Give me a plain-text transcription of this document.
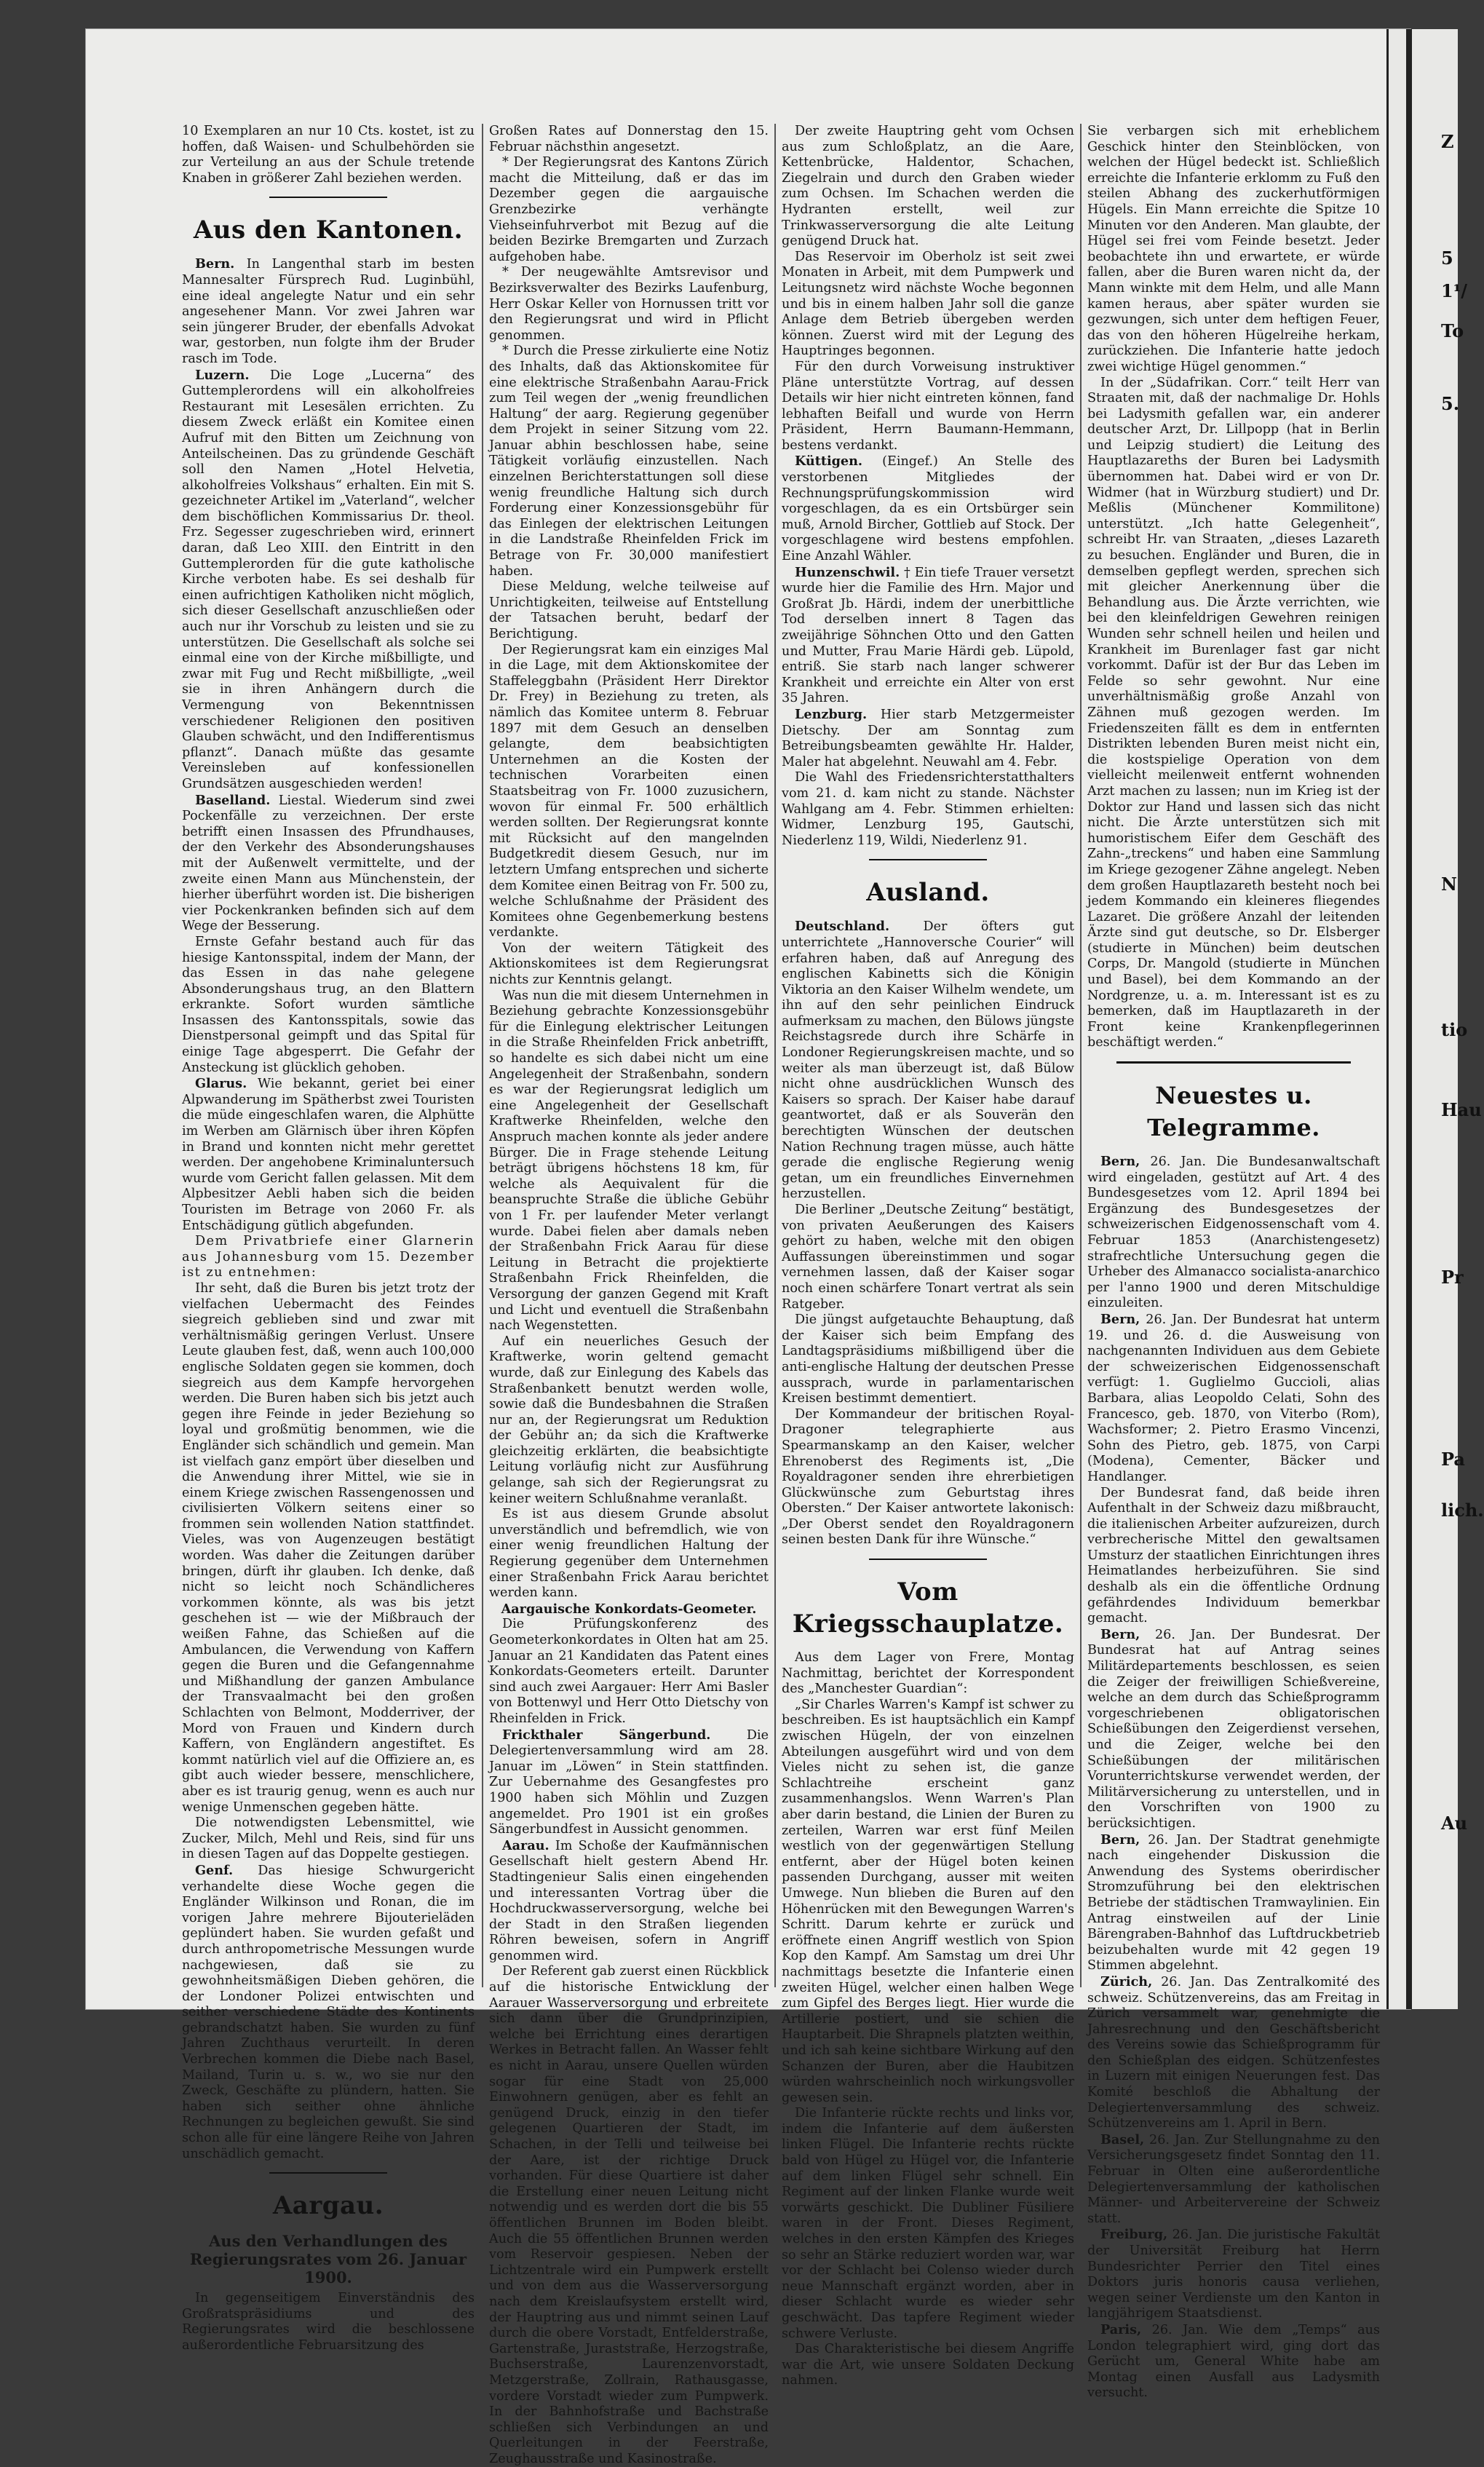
Z
5
1¹/
To
5.
N
tio
Hau
Pr
Pa
lich.
Au

10 Exemplaren an nur 10 Cts. kostet, ist zu hoffen, daß Waisen- und Schulbehörden sie zur Verteilung an aus der Schule tretende Knaben in größerer Zahl beziehen werden.

Aus den Kantonen.

Bern. In Langenthal starb im besten Mannesalter Fürsprech Rud. Luginbühl, eine ideal angelegte Natur und ein sehr angesehener Mann. Vor zwei Jahren war sein jüngerer Bruder, der ebenfalls Advokat war, gestorben, nun folgte ihm der Bruder rasch im Tode.

Luzern. Die Loge „Lucerna“ des Guttemplerordens will ein alkoholfreies Restaurant mit Lesesälen errichten. Zu diesem Zweck erläßt ein Komitee einen Aufruf mit den Bitten um Zeichnung von Anteilscheinen. Das zu gründende Geschäft soll den Namen „Hotel Helvetia, alkoholfreies Volkshaus“ erhalten. Ein mit S. gezeichneter Artikel im „Vaterland“, welcher dem bischöflichen Kommissarius Dr. theol. Frz. Segesser zugeschrieben wird, erinnert daran, daß Leo XIII. den Eintritt in den Guttemplerorden für die gute katholische Kirche verboten habe. Es sei deshalb für einen aufrichtigen Katholiken nicht möglich, sich dieser Gesellschaft anzuschließen oder auch nur ihr Vorschub zu leisten und sie zu unterstützen. Die Gesellschaft als solche sei einmal eine von der Kirche mißbilligte, und zwar mit Fug und Recht mißbilligte, „weil sie in ihren Anhängern durch die Vermengung von Bekenntnissen verschiedener Religionen den positiven Glauben schwächt, und den Indifferentismus pflanzt“. Danach müßte das gesamte Vereinsleben auf konfessionellen Grundsätzen ausgeschieden werden!

Baselland. Liestal. Wiederum sind zwei Pockenfälle zu verzeichnen. Der erste betrifft einen Insassen des Pfrundhauses, der den Verkehr des Absonderungshauses mit der Außenwelt vermittelte, und der zweite einen Mann aus Münchenstein, der hierher überführt worden ist. Die bisherigen vier Pockenkranken befinden sich auf dem Wege der Besserung.

Ernste Gefahr bestand auch für das hiesige Kantonsspital, indem der Mann, der das Essen in das nahe gelegene Absonderungshaus trug, an den Blattern erkrankte. Sofort wurden sämtliche Insassen des Kantonsspitals, sowie das Dienstpersonal geimpft und das Spital für einige Tage abgesperrt. Die Gefahr der Ansteckung ist glücklich gehoben.

Glarus. Wie bekannt, geriet bei einer Alpwanderung im Spätherbst zwei Touristen die müde eingeschlafen waren, die Alphütte im Werben am Glärnisch über ihren Köpfen in Brand und konnten nicht mehr gerettet werden. Der angehobene Kriminaluntersuch wurde vom Gericht fallen gelassen. Mit dem Alpbesitzer Aebli haben sich die beiden Touristen im Betrage von 2060 Fr. als Entschädigung gütlich abgefunden.

Dem Privatbriefe einer Glarnerin aus Johannesburg vom 15. Dezember ist zu entnehmen:

Ihr seht, daß die Buren bis jetzt trotz der vielfachen Uebermacht des Feindes siegreich geblieben sind und zwar mit verhältnismäßig geringen Verlust. Unsere Leute glauben fest, daß, wenn auch 100,000 englische Soldaten gegen sie kommen, doch siegreich aus dem Kampfe hervorgehen werden. Die Buren haben sich bis jetzt auch gegen ihre Feinde in jeder Beziehung so loyal und großmütig benommen, wie die Engländer sich schändlich und gemein. Man ist vielfach ganz empört über dieselben und die Anwendung ihrer Mittel, wie sie in einem Kriege zwischen Rassengenossen und civilisierten Völkern seitens einer so frommen sein wollenden Nation stattfindet. Vieles, was von Augenzeugen bestätigt worden. Was daher die Zeitungen darüber bringen, dürft ihr glauben. Ich denke, daß nicht so leicht noch Schändlicheres vorkommen könnte, als was bis jetzt geschehen ist — wie der Mißbrauch der weißen Fahne, das Schießen auf die Ambulancen, die Verwendung von Kaffern gegen die Buren und die Gefangennahme und Mißhandlung der ganzen Ambulance der Transvaalmacht bei den großen Schlachten von Belmont, Modderriver, der Mord von Frauen und Kindern durch Kaffern, von Engländern angestiftet. Es kommt natürlich viel auf die Offiziere an, es gibt auch wieder bessere, menschlichere, aber es ist traurig genug, wenn es auch nur wenige Unmenschen gegeben hätte.

Die notwendigsten Lebensmittel, wie Zucker, Milch, Mehl und Reis, sind für uns in diesen Tagen auf das Doppelte gestiegen.

Genf. Das hiesige Schwurgericht verhandelte diese Woche gegen die Engländer Wilkinson und Ronan, die im vorigen Jahre mehrere Bijouterieläden geplündert haben. Sie wurden gefaßt und durch anthropometrische Messungen wurde nachgewiesen, daß sie zu gewohnheitsmäßigen Dieben gehören, die der Londoner Polizei entwischten und seither verschiedene Städte des Kontinents gebrandschatzt haben. Sie wurden zu fünf Jahren Zuchthaus verurteilt. In deren Verbrechen kommen die Diebe nach Basel, Mailand, Turin u. s. w., wo sie nur den Zweck, Geschäfte zu plündern, hatten. Sie haben sich seither ohne ähnliche Rechnungen zu begleichen gewußt. Sie sind schon alle für eine längere Reihe von Jahren unschädlich gemacht.

Aargau.
Aus den Verhandlungen des Regierungsrates vom 26. Januar 1900.

In gegenseitigem Einverständnis des Großratspräsidiums und des Regierungsrates wird die beschlossene außerordentliche Februarsitzung des

Großen Rates auf Donnerstag den 15. Februar nächsthin angesetzt.

* Der Regierungsrat des Kantons Zürich macht die Mitteilung, daß er das im Dezember gegen die aargauische Grenzbezirke verhängte Viehseinfuhrverbot mit Bezug auf die beiden Bezirke Bremgarten und Zurzach aufgehoben habe.

* Der neugewählte Amtsrevisor und Bezirksverwalter des Bezirks Laufenburg, Herr Oskar Keller von Hornussen tritt vor den Regierungsrat und wird in Pflicht genommen.

* Durch die Presse zirkulierte eine Notiz des Inhalts, daß das Aktionskomitee für eine elektrische Straßenbahn Aarau-Frick zum Teil wegen der „wenig freundlichen Haltung“ der aarg. Regierung gegenüber dem Projekt in seiner Sitzung vom 22. Januar abhin beschlossen habe, seine Tätigkeit vorläufig einzustellen. Nach einzelnen Berichterstattungen soll diese wenig freundliche Haltung sich durch Forderung einer Konzessionsgebühr für das Einlegen der elektrischen Leitungen in die Landstraße Rheinfelden Frick im Betrage von Fr. 30,000 manifestiert haben.

Diese Meldung, welche teilweise auf Unrichtigkeiten, teilweise auf Entstellung der Tatsachen beruht, bedarf der Berichtigung.

Der Regierungsrat kam ein einziges Mal in die Lage, mit dem Aktionskomitee der Staffeleggbahn (Präsident Herr Direktor Dr. Frey) in Beziehung zu treten, als nämlich das Komitee unterm 8. Februar 1897 mit dem Gesuch an denselben gelangte, dem beabsichtigten Unternehmen an die Kosten der technischen Vorarbeiten einen Staatsbeitrag von Fr. 1000 zuzusichern, wovon für einmal Fr. 500 erhältlich werden sollten. Der Regierungsrat konnte mit Rücksicht auf den mangelnden Budgetkredit diesem Gesuch, nur im letztern Umfang entsprechen und sicherte dem Komitee einen Beitrag von Fr. 500 zu, welche Schlußnahme der Präsident des Komitees ohne Gegenbemerkung bestens verdankte.

Von der weitern Tätigkeit des Aktionskomitees ist dem Regierungsrat nichts zur Kenntnis gelangt.

Was nun die mit diesem Unternehmen in Beziehung gebrachte Konzessionsgebühr für die Einlegung elektrischer Leitungen in die Straße Rheinfelden Frick anbetrifft, so handelte es sich dabei nicht um eine Angelegenheit der Straßenbahn, sondern es war der Regierungsrat lediglich um eine Angelegenheit der Gesellschaft Kraftwerke Rheinfelden, welche den Anspruch machen konnte als jeder andere Bürger. Die in Frage stehende Leitung beträgt übrigens höchstens 18 km, für welche als Aequivalent für die beanspruchte Straße die übliche Gebühr von 1 Fr. per laufender Meter verlangt wurde. Dabei fielen aber damals neben der Straßenbahn Frick Aarau für diese Leitung in Betracht die projektierte Straßenbahn Frick Rheinfelden, die Versorgung der ganzen Gegend mit Kraft und Licht und eventuell die Straßenbahn nach Wegenstetten.

Auf ein neuerliches Gesuch der Kraftwerke, worin geltend gemacht wurde, daß zur Einlegung des Kabels das Straßenbankett benutzt werden wolle, sowie daß die Bundesbahnen die Straßen nur an, der Regierungsrat um Reduktion der Gebühr an; da sich die Kraftwerke gleichzeitig erklärten, die beabsichtigte Leitung vorläufig nicht zur Ausführung gelange, sah sich der Regierungsrat zu keiner weitern Schlußnahme veranlaßt.

Es ist aus diesem Grunde absolut unverständlich und befremdlich, wie von einer wenig freundlichen Haltung der Regierung gegenüber dem Unternehmen einer Straßenbahn Frick Aarau berichtet werden kann.

Aargauische Konkordats-Geometer.

Die Prüfungskonferenz des Geometerkonkordates in Olten hat am 25. Januar an 21 Kandidaten das Patent eines Konkordats-Geometers erteilt. Darunter sind auch zwei Aargauer: Herr Ami Basler von Bottenwyl und Herr Otto Dietschy von Rheinfelden in Frick.

Frickthaler Sängerbund.	Die Delegiertenversammlung wird am 28. Januar im „Löwen“ in Stein stattfinden. Zur Uebernahme des Gesangfestes pro 1900 haben sich Möhlin und Zuzgen angemeldet. Pro 1901 ist ein großes Sängerbundfest in Aussicht genommen.

Aarau. Im Schoße der Kaufmännischen Gesellschaft hielt gestern Abend Hr. Stadtingenieur Salis einen eingehenden und interessanten Vortrag über die Hochdruckwasserversorgung, welche bei der Stadt in den Straßen liegenden Röhren beweisen, sofern in Angriff genommen wird.

Der Referent gab zuerst einen Rückblick auf die historische Entwicklung der Aarauer Wasserversorgung und erbreitete sich dann über die Grundprinzipien, welche bei Errichtung eines derartigen Werkes in Betracht fallen. An Wasser fehlt es nicht in Aarau, unsere Quellen würden sogar für eine Stadt von 25,000 Einwohnern genügen, aber es fehlt an genügend Druck, einzig in den tiefer gelegenen Quartieren der Stadt, im Schachen, in der Telli und teilweise bei der Aare, ist der richtige Druck vorhanden. Für diese Quartiere ist daher die Erstellung einer neuen Leitung nicht notwendig und es werden dort die bis 55 öffentlichen Brunnen im Boden bleibt. Auch die 55 öffentlichen Brunnen werden vom Reservoir gespiesen. Neben der Lichtzentrale wird ein Pumpwerk erstellt und von dem aus die Wasserversorgung nach dem Kreislaufsystem erstellt wird, der Hauptring aus und nimmt seinen Lauf durch die obere Vorstadt, Entfelderstraße, Gartenstraße, Juraststraße, Herzogstraße, Buchserstraße, Laurenzenvorstadt, Metzgerstraße, Zollrain, Rathausgasse, vordere Vorstadt wieder zum Pumpwerk. In der Bahnhofstraße und Bachstraße schließen sich Verbindungen an und Querleitungen in der Feerstraße, Zeughausstraße und Kasinostraße.

Der zweite Hauptring geht vom Ochsen aus zum Schloßplatz, an die Aare, Kettenbrücke, Haldentor, Schachen, Ziegelrain und durch den Graben wieder zum Ochsen. Im Schachen werden die Hydranten erstellt, weil zur Trinkwasserversorgung die alte Leitung genügend Druck hat.

Das Reservoir im Oberholz ist seit zwei Monaten in Arbeit, mit dem Pumpwerk und Leitungsnetz wird nächste Woche begonnen und bis in einem halben Jahr soll die ganze Anlage dem Betrieb übergeben werden können. Zuerst wird mit der Legung des Hauptringes begonnen.

Für den durch Vorweisung instruktiver Pläne unterstützte Vortrag, auf dessen Details wir hier nicht eintreten können, fand lebhaften Beifall und wurde von Herrn Präsident, Herrn Baumann-Hemmann, bestens verdankt.

Küttigen. (Eingef.) An Stelle des verstorbenen Mitgliedes der Rechnungsprüfungskommission wird vorgeschlagen, da es ein Ortsbürger sein muß, Arnold Bircher, Gottlieb auf Stock. Der vorgeschlagene wird bestens empfohlen. Eine Anzahl Wähler.

Hunzenschwil. † Ein tiefe Trauer versetzt wurde hier die Familie des Hrn. Major und Großrat Jb. Härdi, indem der unerbittliche Tod derselben innert 8 Tagen das zweijährige Söhnchen Otto und den Gatten und Mutter, Frau Marie Härdi geb. Lüpold, entriß. Sie starb nach langer schwerer Krankheit und erreichte ein Alter von erst 35 Jahren.

Lenzburg. Hier starb Metzgermeister Dietschy. Der am Sonntag zum Betreibungsbeamten gewählte Hr. Halder, Maler hat abgelehnt. Neuwahl am 4. Febr.

Die Wahl des Friedensrichterstatthalters vom 21. d. kam nicht zu stande. Nächster Wahlgang am 4. Febr. Stimmen erhielten: Widmer, Lenzburg 195, Gautschi, Niederlenz 119, Wildi, Niederlenz 91.

Ausland.

Deutschland.	Der öfters gut unterrichtete „Hannoversche Courier“ will erfahren haben, daß auf Anregung des englischen Kabinetts sich die Königin Viktoria an den Kaiser Wilhelm wendete, um ihn auf den sehr peinlichen Eindruck aufmerksam zu machen, den Bülows jüngste Reichstagsrede durch ihre Schärfe in Londoner Regierungskreisen machte, und so weiter als man überzeugt ist, daß Bülow nicht ohne ausdrücklichen Wunsch des Kaisers so sprach. Der Kaiser habe darauf geantwortet, daß er als Souverän den berechtigten Wünschen der deutschen Nation Rechnung tragen müsse, auch hätte gerade die englische Regierung wenig getan, um ein freundliches Einvernehmen herzustellen.

Die Berliner „Deutsche Zeitung“ bestätigt, von privaten Aeußerungen des Kaisers gehört zu haben, welche mit den obigen Auffassungen übereinstimmen und sogar vernehmen lassen, daß der Kaiser sogar noch einen schärfere Tonart vertrat als sein Ratgeber.

Die jüngst aufgetauchte Behauptung, daß der Kaiser sich beim Empfang des Landtagspräsidiums mißbilligend über die anti-englische Haltung der deutschen Presse aussprach, wurde in parlamentarischen Kreisen bestimmt dementiert.

Der Kommandeur der britischen Royal-Dragoner telegraphierte aus Spearmanskamp an den Kaiser, welcher Ehrenoberst des Regiments ist, „Die Royaldragoner senden ihre ehrerbietigen Glückwünsche zum Geburtstag ihres Obersten.“ Der Kaiser antwortete lakonisch: „Der Oberst sendet den Royaldragonern seinen besten Dank für ihre Wünsche.“

Vom Kriegsschauplatze.

Aus dem Lager von Frere, Montag Nachmittag, berichtet der Korrespondent des „Manchester Guardian“:

„Sir Charles Warren's Kampf ist schwer zu beschreiben. Es ist hauptsächlich ein Kampf zwischen Hügeln, der von einzelnen Abteilungen ausgeführt wird und von dem Vieles nicht zu sehen ist, die ganze Schlachtreihe erscheint ganz zusammenhangslos. Wenn Warren's Plan aber darin bestand, die Linien der Buren zu zerteilen, Warren war erst fünf Meilen westlich von der gegenwärtigen Stellung entfernt, aber der Hügel boten keinen passenden Durchgang, ausser mit weiten Umwege. Nun blieben die Buren auf den Höhenrücken mit den Bewegungen Warren's Schritt. Darum kehrte er zurück und eröffnete einen Angriff westlich von Spion Kop den Kampf. Am Samstag um drei Uhr nachmittags besetzte die Infanterie einen zweiten Hügel, welcher einen halben Wege zum Gipfel des Berges liegt. Hier wurde die Artillerie postiert, und sie schien die Hauptarbeit. Die Shrapnels platzten weithin, und ich sah keine sichtbare Wirkung auf den Schanzen der Buren, aber die Haubitzen würden wahrscheinlich noch wirkungsvoller gewesen sein.

Die Infanterie rückte rechts und links vor, indem die Infanterie auf dem äußersten linken Flügel. Die Infanterie rechts rückte bald von Hügel zu Hügel vor, die Infanterie auf dem linken Flügel sehr schnell. Ein Regiment auf der linken Flanke wurde weit vorwärts geschickt. Die Dubliner Füsiliere waren in der Front. Dieses Regiment, welches in den ersten Kämpfen des Krieges so sehr an Stärke reduziert worden war, war vor der Schlacht bei Colenso wieder durch neue Mannschaft ergänzt worden, aber in dieser Schlacht wurde es wieder sehr geschwächt. Das tapfere Regiment wieder schwere Verluste.

Das Charakteristische bei diesem Angriffe war die Art, wie unsere Soldaten Deckung nahmen.

Sie verbargen sich mit erheblichem Geschick hinter den Steinblöcken, von welchen der Hügel bedeckt ist. Schließlich erreichte die Infanterie erklomm zu Fuß den steilen Abhang des zuckerhutförmigen Hügels. Ein Mann erreichte die Spitze 10 Minuten vor den Anderen. Man glaubte, der Hügel sei frei vom Feinde besetzt. Jeder beobachtete ihn und erwartete, er würde fallen, aber die Buren waren nicht da, der Mann winkte mit dem Helm, und alle Mann kamen heraus, aber später wurden sie gezwungen, sich unter dem heftigen Feuer, das von den höheren Hügelreihe herkam, zurückziehen. Die Infanterie hatte jedoch zwei wichtige Hügel genommen.“

In der „Südafrikan. Corr.“ teilt Herr van Straaten mit, daß der nachmalige Dr. Hohls bei Ladysmith gefallen war, ein anderer deutscher Arzt, Dr. Lillpopp (hat in Berlin und Leipzig studiert) die Leitung des Hauptlazareths der Buren bei Ladysmith übernommen hat. Dabei wird er von Dr. Widmer (hat in Würzburg studiert) und Dr. Meßlis (Münchener Kommilitone) unterstützt. „Ich hatte Gelegenheit“, schreibt Hr. van Straaten, „dieses Lazareth zu besuchen. Engländer und Buren, die in demselben gepflegt werden, sprechen sich mit gleicher Anerkennung über die Behandlung aus. Die Ärzte verrichten, wie bei den kleinfeldrigen Gewehren reinigen Wunden sehr schnell heilen und heilen und Krankheit im Burenlager fast gar nicht vorkommt. Dafür ist der Bur das Leben im Felde so sehr gewohnt. Nur eine unverhältnismäßig große Anzahl von Zähnen muß gezogen werden. Im Friedenszeiten fällt es dem in entfernten Distrikten lebenden Buren meist nicht ein, die kostspielige Operation von dem vielleicht meilenweit entfernt wohnenden Arzt machen zu lassen; nun im Krieg ist der Doktor zur Hand und lassen sich das nicht nicht. Die Ärzte unterstützen sich mit humoristischem Eifer dem Geschäft des Zahn-„treckens“ und haben eine Sammlung im Kriege gezogener Zähne angelegt. Neben dem großen Hauptlazareth besteht noch bei jedem Kommando ein kleineres fliegendes Lazaret. Die größere Anzahl der leitenden Ärzte sind gut deutsche, so Dr. Elsberger (studierte in München) beim deutschen Corps, Dr. Mangold (studierte in München und Basel), bei dem Kommando an der Nordgrenze, u. a. m. Interessant ist es zu bemerken, daß im Hauptlazareth in der Front keine Krankenpflegerinnen beschäftigt werden.“

Neuestes u. Telegramme.

Bern, 26. Jan. Die Bundesanwaltschaft wird eingeladen, gestützt auf Art. 4 des Bundesgesetzes vom 12. April 1894 bei Ergänzung des Bundesgesetzes der schweizerischen Eidgenossenschaft vom 4. Februar 1853 (Anarchistengesetz) strafrechtliche Untersuchung gegen die Urheber des Almanacco socialista-anarchico per l'anno 1900 und deren Mitschuldige einzuleiten.

Bern, 26. Jan. Der Bundesrat hat unterm 19. und 26. d. die Ausweisung von nachgenannten Individuen aus dem Gebiete der schweizerischen Eidgenossenschaft verfügt: 1. Guglielmo Guccioli, alias Barbara, alias Leopoldo Celati, Sohn des Francesco, geb. 1870, von Viterbo (Rom), Wachsformer; 2. Pietro Erasmo Vincenzi, Sohn des Pietro, geb. 1875, von Carpi (Modena), Cementer, Bäcker und Handlanger.

Der Bundesrat fand, daß beide ihren Aufenthalt in der Schweiz dazu mißbraucht, die italienischen Arbeiter aufzureizen, durch verbrecherische Mittel den gewaltsamen Umsturz der staatlichen Einrichtungen ihres Heimatlandes herbeizuführen. Sie sind deshalb als ein die öffentliche Ordnung gefährdendes Individuum bemerkbar gemacht.

Bern, 26. Jan. Der Bundesrat. Der Bundesrat hat auf Antrag seines Militärdepartements beschlossen, es seien die Zeiger der freiwilligen Schießvereine, welche an dem durch das Schießprogramm vorgeschriebenen obligatorischen Schießübungen den Zeigerdienst versehen, und die Zeiger, welche bei den Schießübungen der militärischen Vorunterrichtskurse verwendet werden, der Militärversicherung zu unterstellen, und in den Vorschriften von 1900 zu berücksichtigen.

Bern, 26. Jan. Der Stadtrat genehmigte nach eingehender Diskussion die Anwendung des Systems oberirdischer Stromzuführung bei den elektrischen Betriebe der städtischen Tramwaylinien. Ein Antrag einstweilen auf der Linie Bärengraben-Bahnhof das Luftdruckbetrieb beizubehalten wurde mit 42 gegen 19 Stimmen abgelehnt.

Zürich, 26. Jan. Das Zentralkomité des schweiz. Schützenvereins, das am Freitag in Zürich versammelt war, genehmigte die Jahresrechnung und den Geschäftsbericht des Vereins sowie das Schießprogramm für den Schießplan des eidgen. Schützenfestes in Luzern mit einigen Neuerungen fest. Das Komité beschloß die Abhaltung der Delegiertenversammlung des schweiz. Schützenvereins am 1. April in Bern.

Basel, 26. Jan. Zur Stellungnahme zu den Versicherungsgesetz findet Sonntag den 11. Februar in Olten eine außerordentliche Delegiertenversammlung der katholischen Männer- und Arbeitervereine der Schweiz statt.

Freiburg, 26. Jan. Die juristische Fakultät der Universität Freiburg hat Herrn Bundesrichter Perrier den Titel eines Doktors juris honoris causa verliehen, wegen seiner Verdienste um den Kanton in langjährigem Staatsdienst.

Paris, 26. Jan. Wie dem „Temps“ aus London telegraphiert wird, ging dort das Gerücht um, General White habe am Montag einen Ausfall aus Ladysmith versucht.
